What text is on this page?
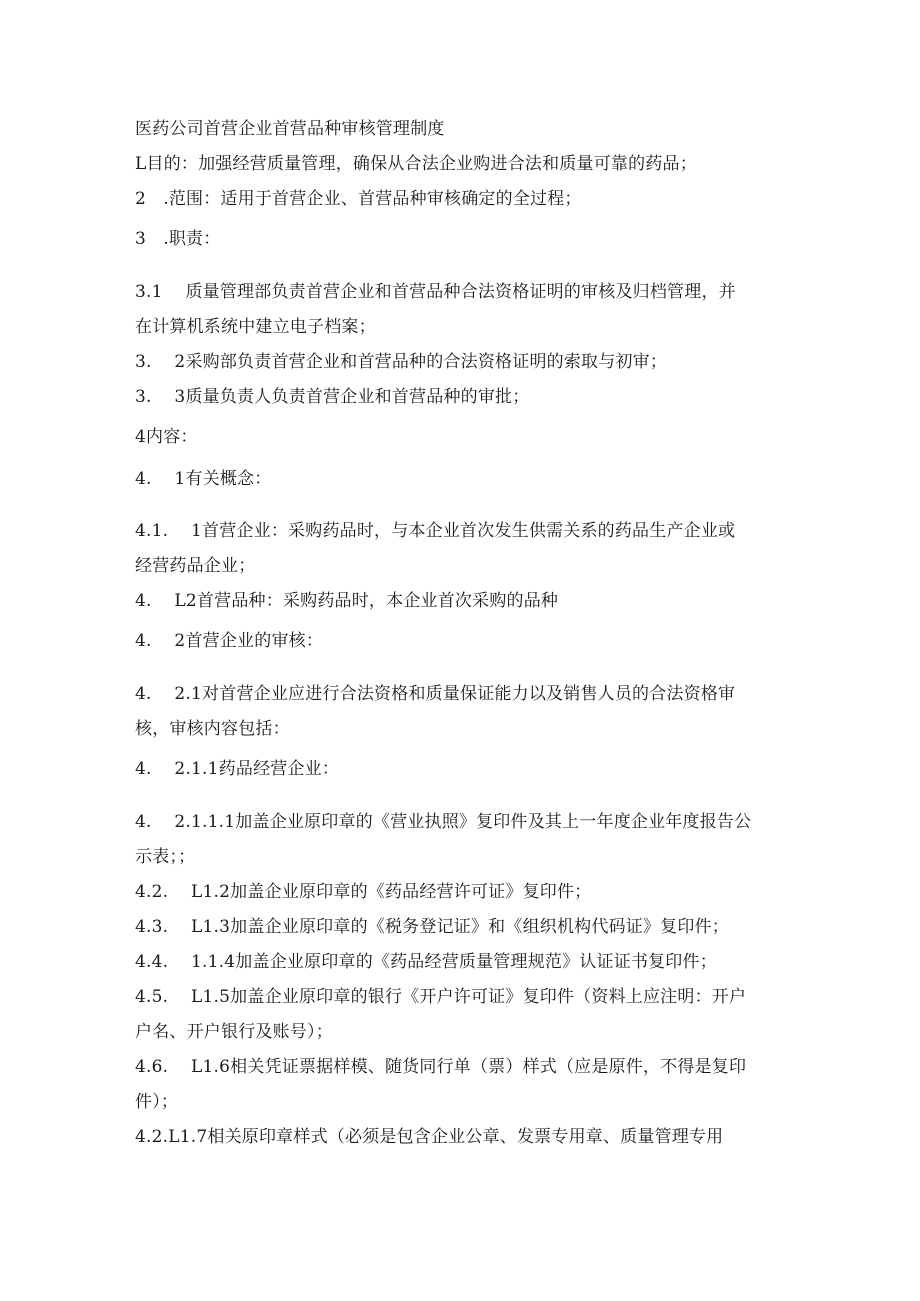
医药公司首营企业首营品种审核管理制度
L目的：加强经营质量管理，确保从合法企业购进合法和质量可靠的药品；
2　.范围：适用于首营企业、首营品种审核确定的全过程；
3　.职责：
3.1　 质量管理部负责首营企业和首营品种合法资格证明的审核及归档管理，并
在计算机系统中建立电子档案；
3.　 2采购部负责首营企业和首营品种的合法资格证明的索取与初审；
3.　 3质量负责人负责首营企业和首营品种的审批；
4内容：
4.　 1有关概念：
4.1.　 1首营企业：采购药品时，与本企业首次发生供需关系的药品生产企业或
经营药品企业；
4.　 L2首营品种：采购药品时，本企业首次采购的品种
4.　 2首营企业的审核：
4.　 2.1对首营企业应进行合法资格和质量保证能力以及销售人员的合法资格审
核，审核内容包括：
4.　 2.1.1药品经营企业：
4.　 2.1.1.1加盖企业原印章的《营业执照》复印件及其上一年度企业年度报告公
示表；；
4.2.　 L1.2加盖企业原印章的《药品经营许可证》复印件；
4.3.　 L1.3加盖企业原印章的《税务登记证》和《组织机构代码证》复印件；
4.4.　 1.1.4加盖企业原印章的《药品经营质量管理规范》认证证书复印件；
4.5.　 L1.5加盖企业原印章的银行《开户许可证》复印件（资料上应注明：开户
户名、开户银行及账号）；
4.6.　 L1.6相关凭证票据样模、随货同行单（票）样式（应是原件，不得是复印
件）；
4.2.L1.7相关原印章样式（必须是包含企业公章、发票专用章、质量管理专用
